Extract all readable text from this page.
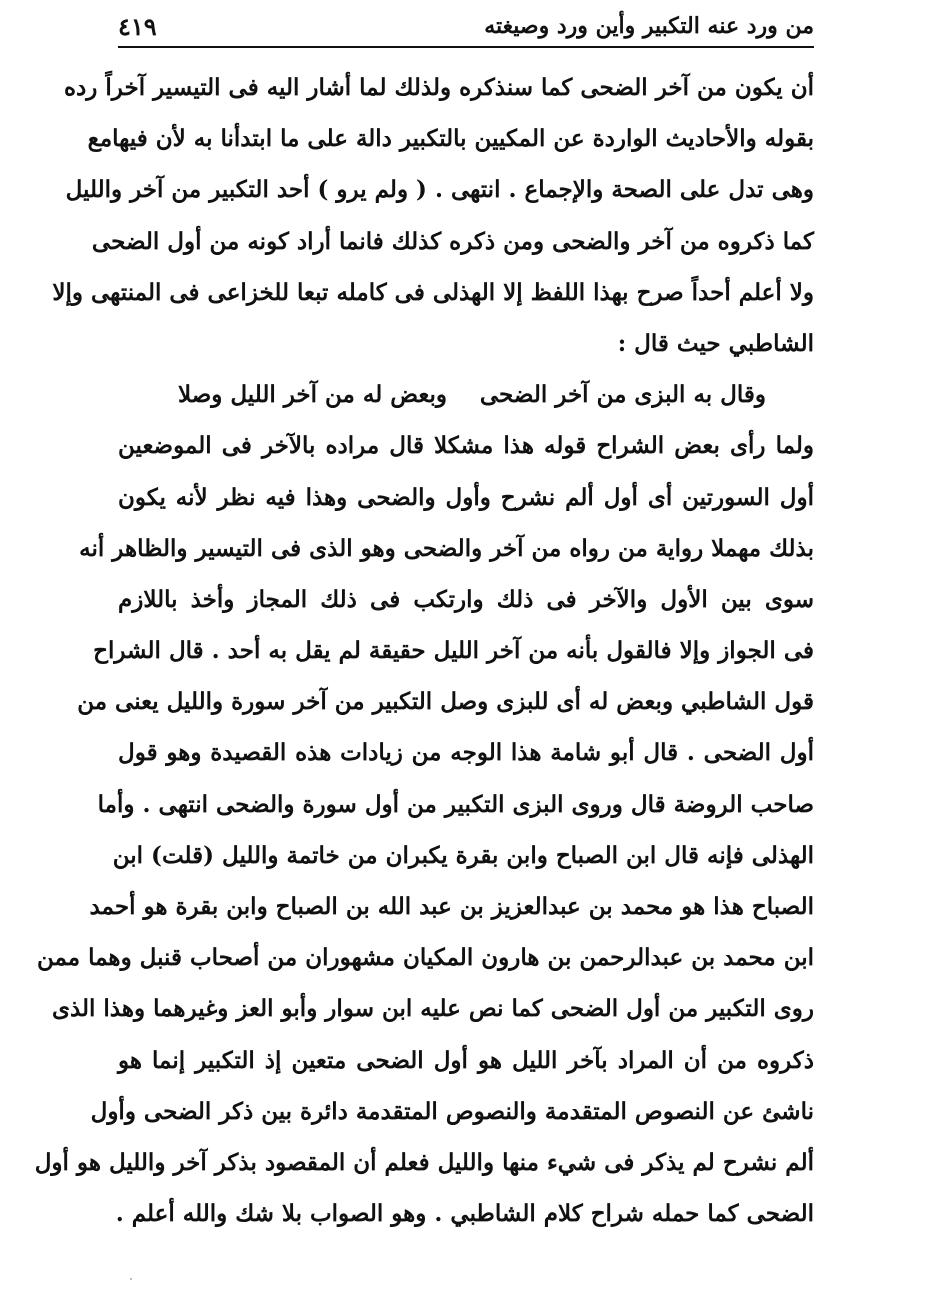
من ورد عنه التكبير وأين ورد وصيغته
٤١٩
أن يكون من آخر الضحى كما سنذكره ولذلك لما أشار اليه فى التيسير آخراً رده
بقوله والأحاديث الواردة عن المكيين بالتكبير دالة على ما ابتدأنا به لأن فيهامع
وهى تدل على الصحة والإجماع . انتهى . ( ولم يرو ) أحد التكبير من آخر والليل
كما ذكروه من آخر والضحى ومن ذكره كذلك فانما أراد كونه من أول الضحى
ولا أعلم أحداً صرح بهذا اللفظ إلا الهذلى فى كامله تبعا للخزاعى فى المنتهى وإلا
الشاطبي حيث قال :
وقال به البزى من آخر الضحى
وبعض له من آخر الليل وصلا
ولما رأى بعض الشراح قوله هذا مشكلا قال مراده بالآخر فى الموضعين
أول السورتين أى أول ألم نشرح وأول والضحى وهذا فيه نظر لأنه يكون
بذلك مهملا رواية من رواه من آخر والضحى وهو الذى فى التيسير والظاهر أنه
سوى بين الأول والآخر فى ذلك وارتكب فى ذلك المجاز وأخذ باللازم
فى الجواز وإلا فالقول بأنه من آخر الليل حقيقة لم يقل به أحد . قال الشراح
قول الشاطبي وبعض له أى للبزى وصل التكبير من آخر سورة والليل يعنى من
أول الضحى . قال أبو شامة هذا الوجه من زيادات هذه القصيدة وهو قول
صاحب الروضة قال وروى البزى التكبير من أول سورة والضحى انتهى . وأما
الهذلى فإنه قال ابن الصباح وابن بقرة يكبران من خاتمة والليل (قلت) ابن
الصباح هذا هو محمد بن عبدالعزيز بن عبد الله بن الصباح وابن بقرة هو أحمد
ابن محمد بن عبدالرحمن بن هارون المكيان مشهوران من أصحاب قنبل وهما ممن
روى التكبير من أول الضحى كما نص عليه ابن سوار وأبو العز وغيرهما وهذا الذى
ذكروه من أن المراد بآخر الليل هو أول الضحى متعين إذ التكبير إنما هو
ناشئ عن النصوص المتقدمة والنصوص المتقدمة دائرة بين ذكر الضحى وأول
ألم نشرح لم يذكر فى شيء منها والليل فعلم أن المقصود بذكر آخر والليل هو أول
الضحى كما حمله شراح كلام الشاطبي . وهو الصواب بلا شك والله أعلم .
